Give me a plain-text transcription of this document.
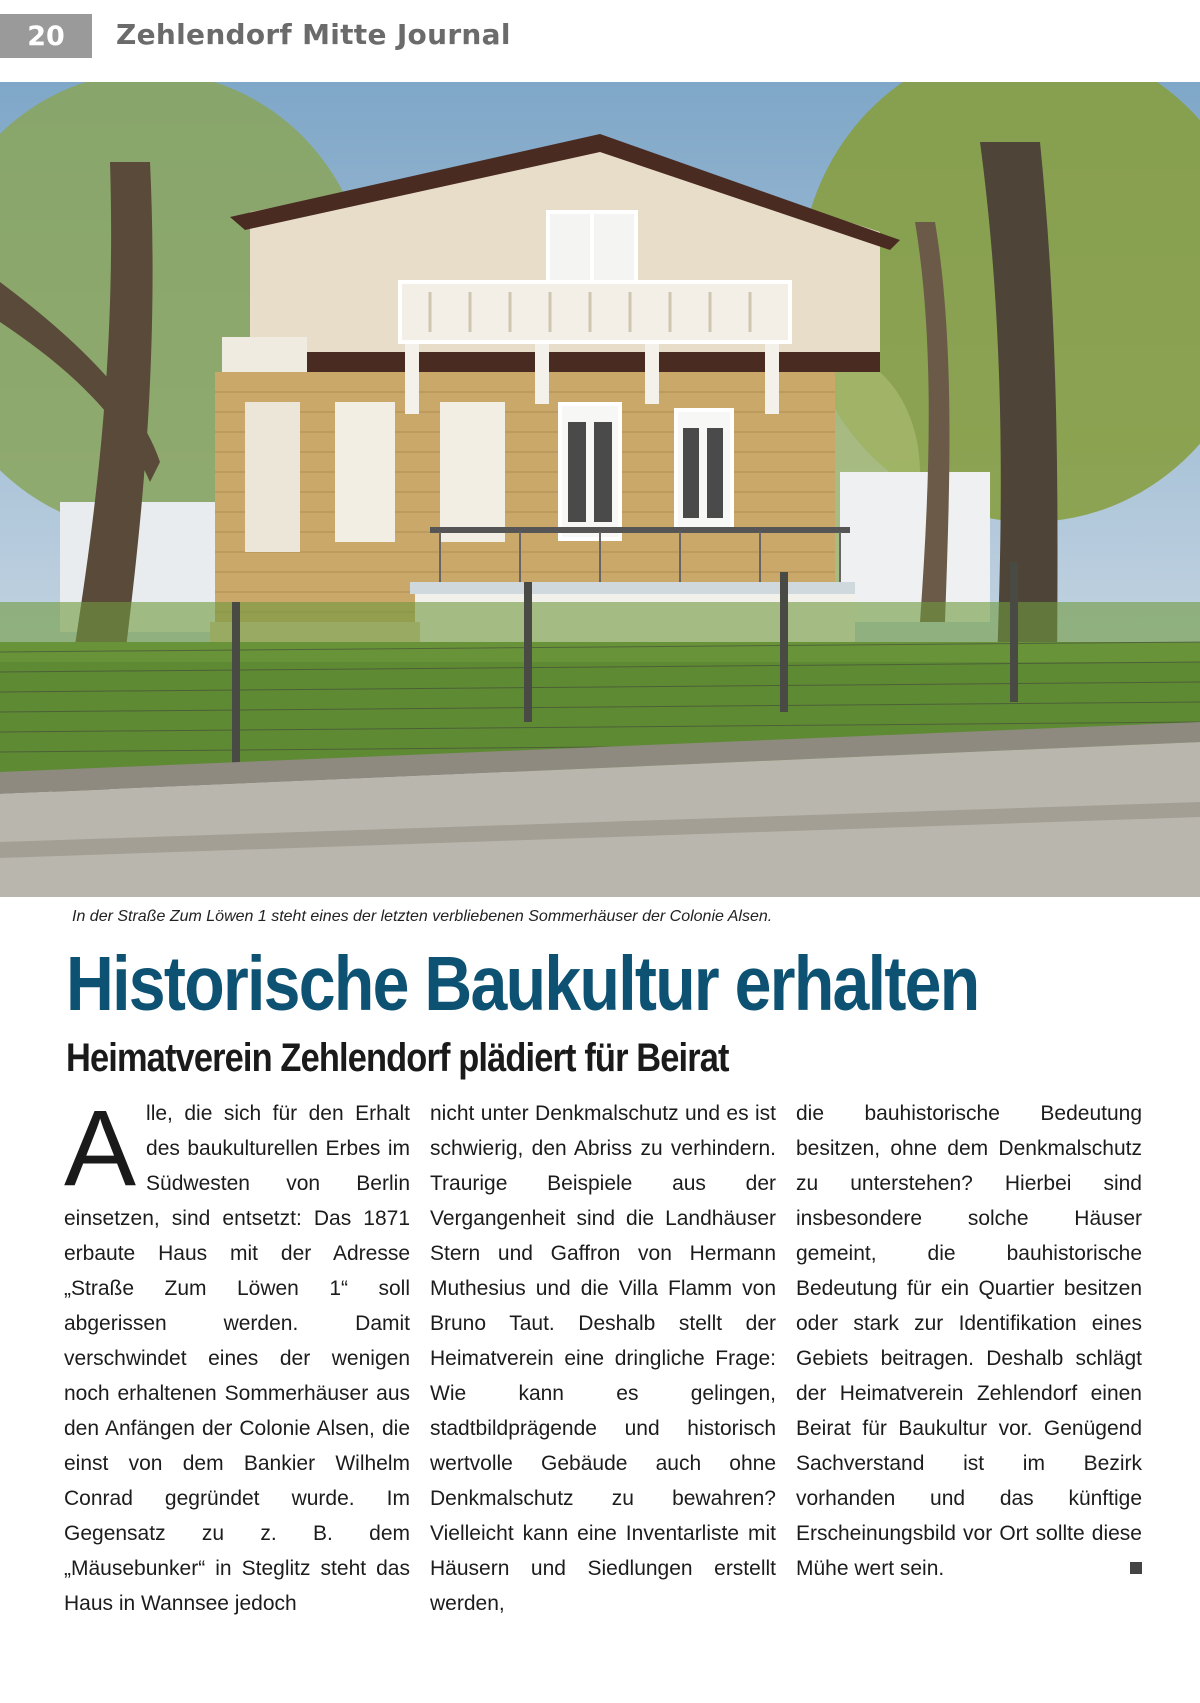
20	Zehlendorf Mitte Journal
In der Straße Zum Löwen 1 steht eines der letzten verbliebenen Sommerhäuser der Colonie Alsen.
Historische Baukultur erhalten
Heimatverein Zehlendorf plädiert für Beirat
A lle, die sich für den Erhalt des baukulturellen Erbes im Südwesten von Berlin einsetzen, sind entsetzt: Das 1871 erbaute Haus mit der Adresse „Straße Zum Löwen 1“ soll abgerissen werden. Damit verschwindet eines der wenigen noch erhaltenen Sommerhäuser aus den Anfängen der Colonie Alsen, die einst von dem Bankier Wilhelm Conrad gegründet wurde. Im Gegensatz zu z. B. dem „Mäusebunker“ in Steglitz steht das Haus in Wannsee jedoch

nicht unter Denkmalschutz und es ist schwierig, den Abriss zu verhindern. Traurige Beispiele aus der Vergangenheit sind die Landhäuser Stern und Gaffron von Hermann Muthesius und die Villa Flamm von Bruno Taut. Deshalb stellt der Heimatverein eine dringliche Frage: Wie kann es gelingen, stadtbildprägende und historisch wertvolle Gebäude auch ohne Denkmalschutz zu bewahren? Vielleicht kann eine Inventarliste mit Häusern und Siedlungen erstellt werden,

die bauhistorische Bedeutung besitzen, ohne dem Denkmalschutz zu unterstehen? Hierbei sind insbesondere solche Häuser gemeint, die bauhistorische Bedeutung für ein Quartier besitzen oder stark zur Identifikation eines Gebiets beitragen. Deshalb schlägt der Heimatverein Zehlendorf einen Beirat für Baukultur vor. Genügend Sachverstand ist im Bezirk vorhanden und das künftige Erscheinungsbild vor Ort sollte diese Mühe wert sein.
